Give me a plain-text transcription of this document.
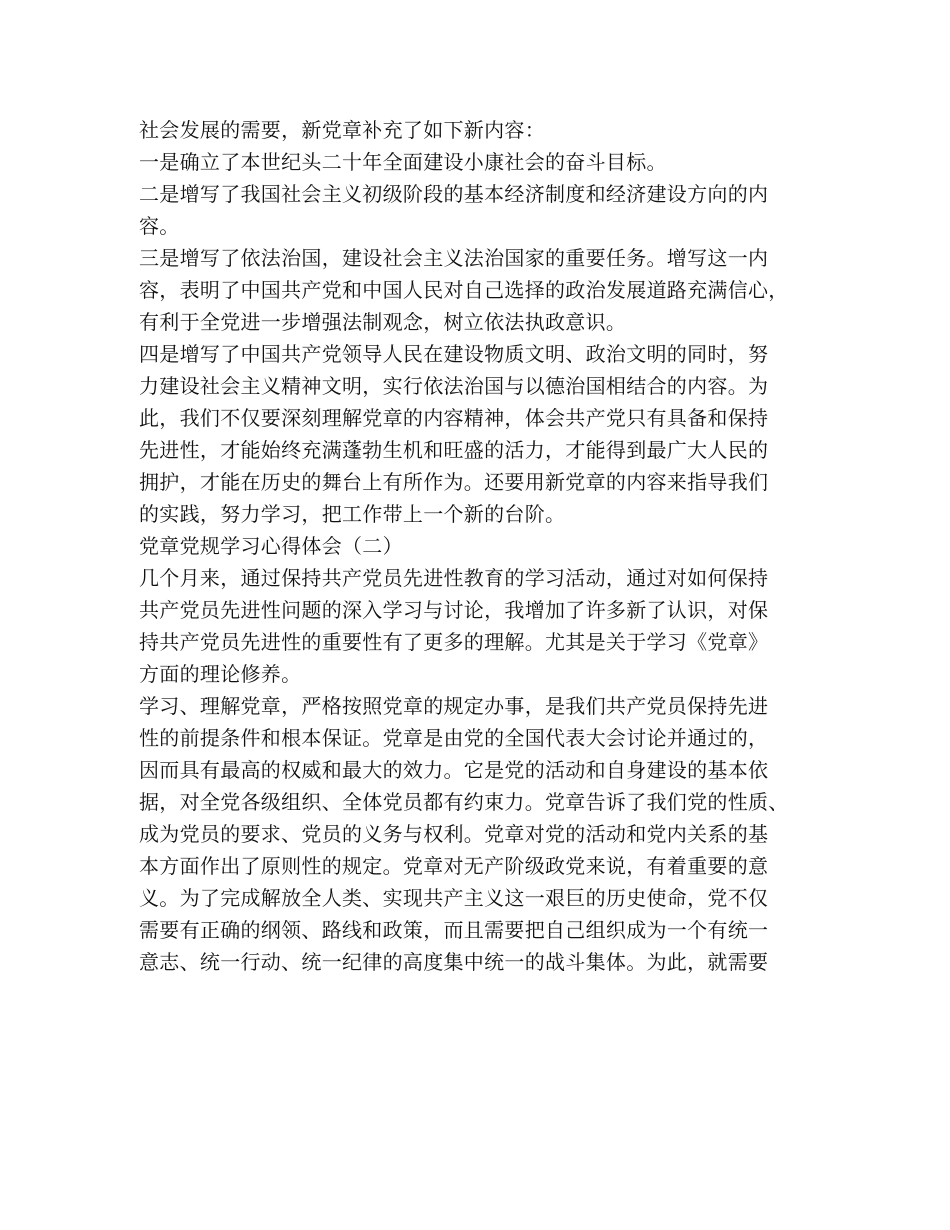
社会发展的需要，新党章补充了如下新内容：
一是确立了本世纪头二十年全面建设小康社会的奋斗目标。
二是增写了我国社会主义初级阶段的基本经济制度和经济建设方向的内
容。
三是增写了依法治国，建设社会主义法治国家的重要任务。增写这一内
容，表明了中国共产党和中国人民对自己选择的政治发展道路充满信心，
有利于全党进一步增强法制观念，树立依法执政意识。
四是增写了中国共产党领导人民在建设物质文明、政治文明的同时，努
力建设社会主义精神文明，实行依法治国与以德治国相结合的内容。为
此，我们不仅要深刻理解党章的内容精神，体会共产党只有具备和保持
先进性，才能始终充满蓬勃生机和旺盛的活力，才能得到最广大人民的
拥护，才能在历史的舞台上有所作为。还要用新党章的内容来指导我们
的实践，努力学习，把工作带上一个新的台阶。
党章党规学习心得体会（二）
几个月来，通过保持共产党员先进性教育的学习活动，通过对如何保持
共产党员先进性问题的深入学习与讨论，我增加了许多新了认识，对保
持共产党员先进性的重要性有了更多的理解。尤其是关于学习《党章》
方面的理论修养。
学习、理解党章，严格按照党章的规定办事，是我们共产党员保持先进
性的前提条件和根本保证。党章是由党的全国代表大会讨论并通过的，
因而具有最高的权威和最大的效力。它是党的活动和自身建设的基本依
据，对全党各级组织、全体党员都有约束力。党章告诉了我们党的性质、
成为党员的要求、党员的义务与权利。党章对党的活动和党内关系的基
本方面作出了原则性的规定。党章对无产阶级政党来说，有着重要的意
义。为了完成解放全人类、实现共产主义这一艰巨的历史使命，党不仅
需要有正确的纲领、路线和政策，而且需要把自己组织成为一个有统一
意志、统一行动、统一纪律的高度集中统一的战斗集体。为此，就需要
